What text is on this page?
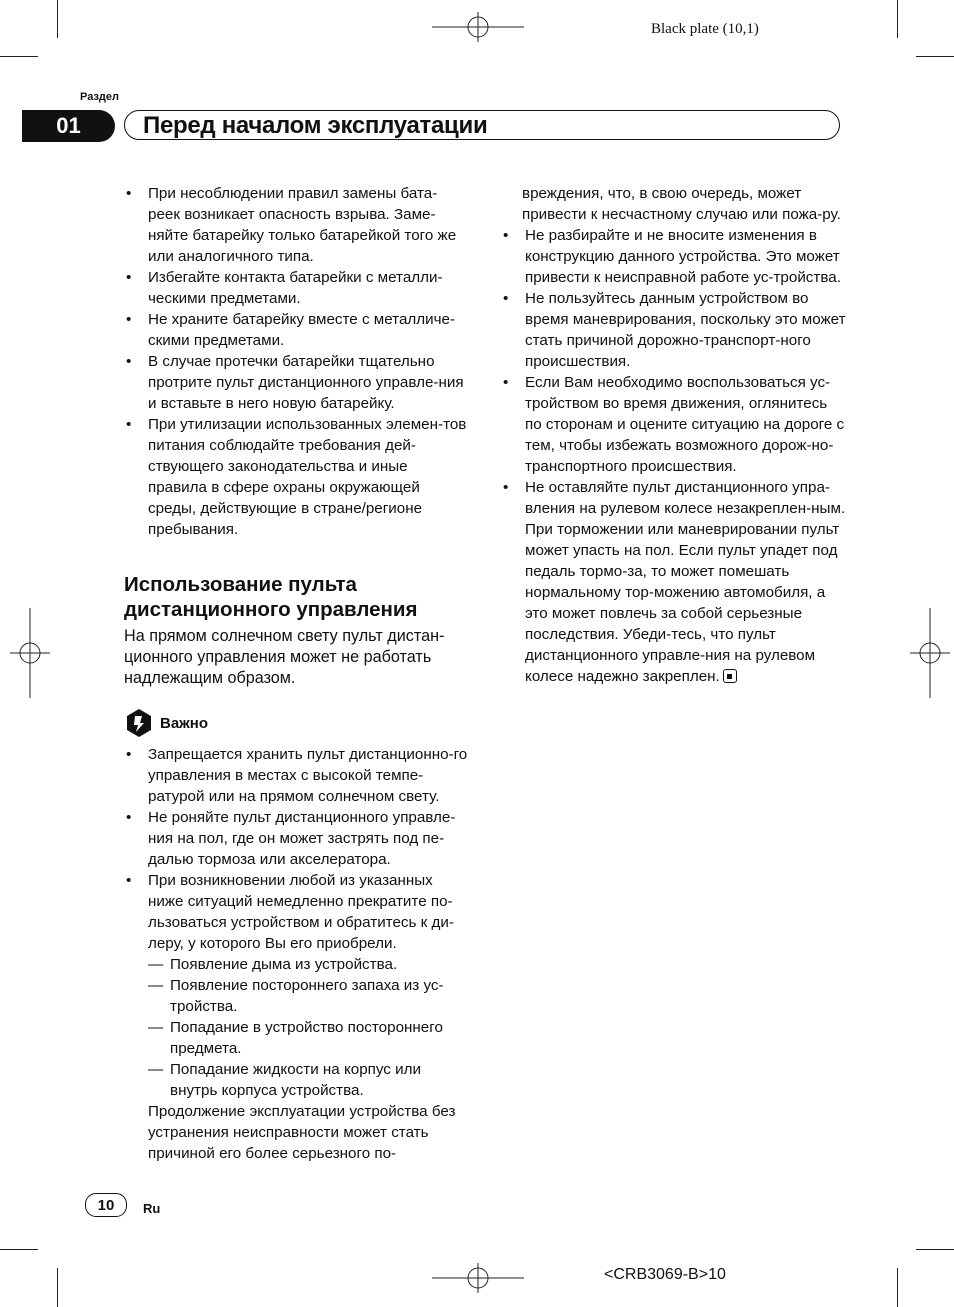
Black plate (10,1)
Раздел
01	Перед началом эксплуатации
• При несоблюдении правил замены бата-реек возникает опасность взрыва. Заме-няйте батарейку только батарейкой того же или аналогичного типа.
• Избегайте контакта батарейки с металли-ческими предметами.
• Не храните батарейку вместе с металличе-скими предметами.
• В случае протечки батарейки тщательно протрите пульт дистанционного управле-ния и вставьте в него новую батарейку.
• При утилизации использованных элемен-тов питания соблюдайте требования дей-ствующего законодательства и иные правила в сфере охраны окружающей среды, действующие в стране/регионе пребывания.
Использование пульта дистанционного управления
На прямом солнечном свету пульт дистан-ционного управления может не работать надлежащим образом.
Важно
• Запрещается хранить пульт дистанционно-го управления в местах с высокой темпе-ратурой или на прямом солнечном свету.
• Не роняйте пульт дистанционного управле-ния на пол, где он может застрять под пе-далью тормоза или акселератора.
• При возникновении любой из указанных ниже ситуаций немедленно прекратите по-льзоваться устройством и обратитесь к ди-леру, у которого Вы его приобрели.
— Появление дыма из устройства.
— Появление постороннего запаха из ус-тройства.
— Попадание в устройство постороннего предмета.
— Попадание жидкости на корпус или внутрь корпуса устройства.
Продолжение эксплуатации устройства без устранения неисправности может стать причиной его более серьезного по-
вреждения, что, в свою очередь, может привести к несчастному случаю или пожа-ру.
• Не разбирайте и не вносите изменения в конструкцию данного устройства. Это может привести к неисправной работе ус-тройства.
• Не пользуйтесь данным устройством во время маневрирования, поскольку это может стать причиной дорожно-транспорт-ного происшествия.
• Если Вам необходимо воспользоваться ус-тройством во время движения, оглянитесь по сторонам и оцените ситуацию на дороге с тем, чтобы избежать возможного дорож-но-транспортного происшествия.
• Не оставляйте пульт дистанционного упра-вления на рулевом колесе незакреплен-ным. При торможении или маневрировании пульт может упасть на пол. Если пульт упадет под педаль тормо-за, то может помешать нормальному тор-можению автомобиля, а это может повлечь за собой серьезные последствия. Убеди-тесь, что пульт дистанционного управле-ния на рулевом колесе надежно закреплен.
10	Ru
<CRB3069-B>10
